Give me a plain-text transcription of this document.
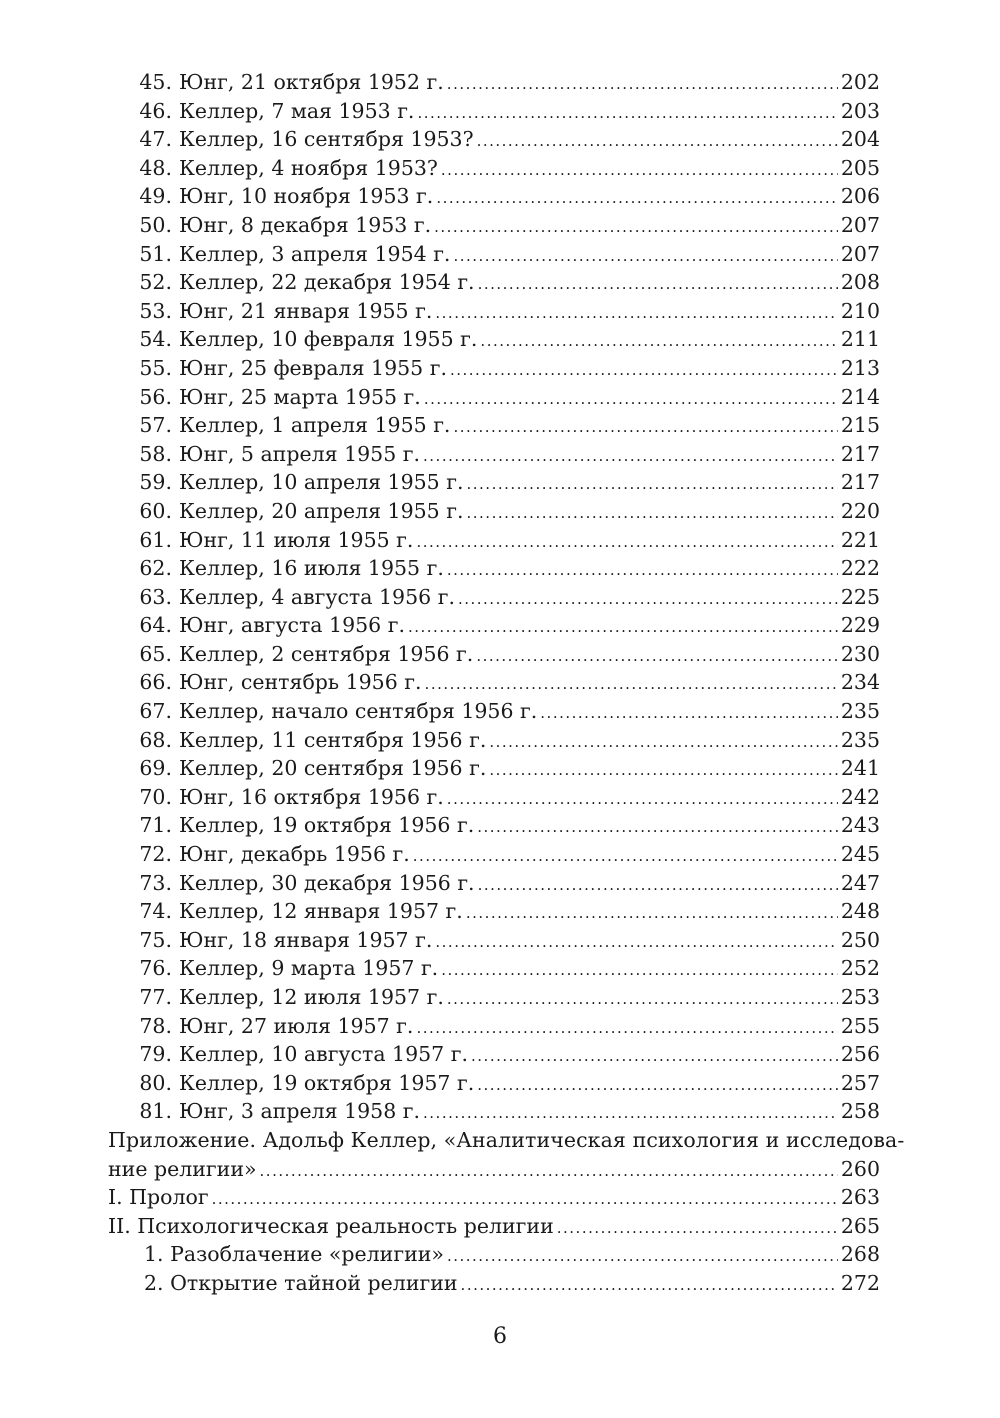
45. Юнг, 21 октября 1952 г. .....	202
46. Келлер, 7 мая 1953 г. .....	203
47. Келлер, 16 сентября 1953? .....	204
48. Келлер, 4 ноября 1953? .....	205
49. Юнг, 10 ноября 1953 г. .....	206
50. Юнг, 8 декабря 1953 г. .....	207
51. Келлер, 3 апреля 1954 г. .....	207
52. Келлер, 22 декабря 1954 г. .....	208
53. Юнг, 21 января 1955 г. .....	210
54. Келлер, 10 февраля 1955 г. .....	211
55. Юнг, 25 февраля 1955 г. .....	213
56. Юнг, 25 марта 1955 г. .....	214
57. Келлер, 1 апреля 1955 г. .....	215
58. Юнг, 5 апреля 1955 г. .....	217
59. Келлер, 10 апреля 1955 г. .....	217
60. Келлер, 20 апреля 1955 г. .....	220
61. Юнг, 11 июля 1955 г. .....	221
62. Келлер, 16 июля 1955 г. .....	222
63. Келлер, 4 августа 1956 г. .....	225
64. Юнг, августа 1956 г. .....	229
65. Келлер, 2 сентября 1956 г. .....	230
66. Юнг, сентябрь 1956 г. .....	234
67. Келлер, начало сентября 1956 г. .....	235
68. Келлер, 11 сентября 1956 г. .....	235
69. Келлер, 20 сентября 1956 г. .....	241
70. Юнг, 16 октября 1956 г. .....	242
71. Келлер, 19 октября 1956 г. .....	243
72. Юнг, декабрь 1956 г. .....	245
73. Келлер, 30 декабря 1956 г. .....	247
74. Келлер, 12 января 1957 г. .....	248
75. Юнг, 18 января 1957 г. .....	250
76. Келлер, 9 марта 1957 г. .....	252
77. Келлер, 12 июля 1957 г. .....	253
78. Юнг, 27 июля 1957 г. .....	255
79. Келлер, 10 августа 1957 г. .....	256
80. Келлер, 19 октября 1957 г. .....	257
81. Юнг, 3 апреля 1958 г. .....	258
Приложение. Адольф Келлер, «Аналитическая психология и исследова-
ние религии» .....	260
I. Пролог .....	263
II. Психологическая реальность религии .....	265
1. Разоблачение «религии» .....	268
2. Открытие тайной религии .....	272
6
